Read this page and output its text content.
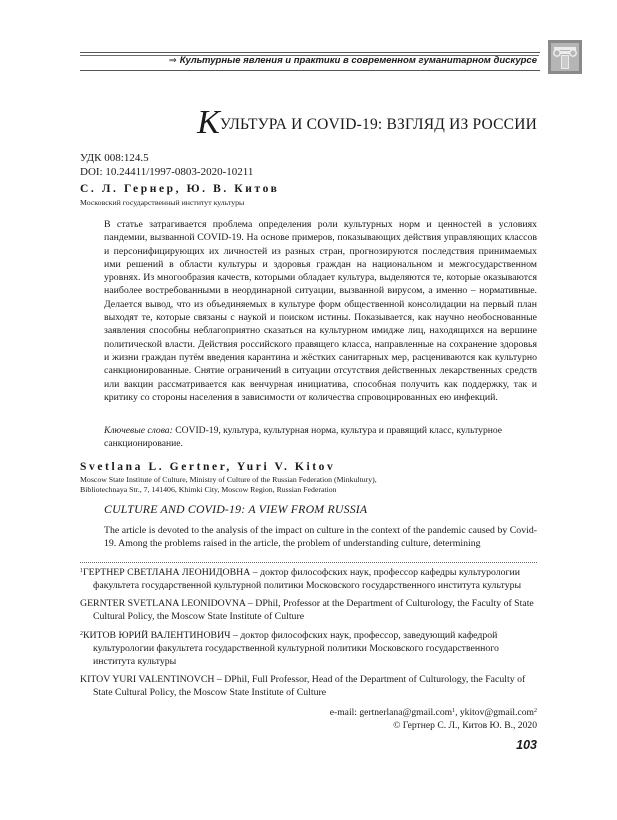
⇒ Культурные явления и практики в современном гуманитарном дискурсе
КУЛЬТУРА И COVID-19: ВЗГЛЯД ИЗ РОССИИ
УДК 008:124.5
DOI: 10.24411/1997-0803-2020-10211
С. Л. Гернер, Ю. В. Китов
Московский государственный институт культуры

В статье затрагивается проблема определения роли культурных норм и ценностей в условиях пандемии, вызванной COVID-19. На основе примеров, показывающих действия управляющих классов и персонифицирующих их личностей из разных стран, прогнозируются последствия принимаемых ими решений в области культуры и здоровья граждан на национальном и межгосударственном уровнях. Из многообразия качеств, которыми обладает культура, выделяются те, которые оказываются наиболее востребованными в неординарной ситуации, вызванной вирусом, а именно – нормативные. Делается вывод, что из объединяемых в культуре форм общественной консолидации на первый план выходят те, которые связаны с наукой и поиском истины. Показывается, как научно необоснованные заявления способны неблагоприятно сказаться на культурном имидже лиц, находящихся на вершине политической власти. Действия российского правящего класса, направленные на сохранение здоровья и жизни граждан путём введения карантина и жёстких санитарных мер, расцениваются как культурно санкционированные. Снятие ограничений в ситуации отсутствия действенных лекарственных средств или вакцин рассматривается как венчурная инициатива, способная получить как поддержку, так и критику со стороны населения в зависимости от количества спровоцированных ею инфекций.

Ключевые слова: COVID-19, культура, культурная норма, культура и правящий класс, культурное санкционирование.

Svetlana L. Gertner, Yuri V. Kitov
Moscow State Institute of Culture, Ministry of Culture of the Russian Federation (Minkultury),
Bibliotechnaya Str., 7, 141406, Khimki City, Moscow Region, Russian Federation
CULTURE AND COVID-19: A VIEW FROM RUSSIA

The article is devoted to the analysis of the impact on culture in the context of the pandemic caused by Covid-19. Among the problems raised in the article, the problem of understanding culture, determining

$^1$ГЕРТНЕР СВЕТЛАНА ЛЕОНИДОВНА – доктор философских наук, профессор кафедры культурологии факультета государственной культурной политики Московского государственного института культуры

GERNTER SVETLANA LEONIDOVNA – DPhil, Professor at the Department of Culturology, the Faculty of State Cultural Policy, the Moscow State Institute of Culture

$^2$КИТОВ ЮРИЙ ВАЛЕНТИНОВИЧ – доктор философских наук, профессор, заведующий кафедрой культурологии факультета государственной культурной политики Московского государственного института культуры

KITOV YURI VALENTINOVCH – DPhil, Full Professor, Head of the Department of Culturology, the Faculty of State Cultural Policy, the Moscow State Institute of Culture

e-mail: gertnerlana@gmail.com$^1$, ykitov@gmail.com$^2$
© Гертнер С. Л., Китов Ю. В., 2020
103
